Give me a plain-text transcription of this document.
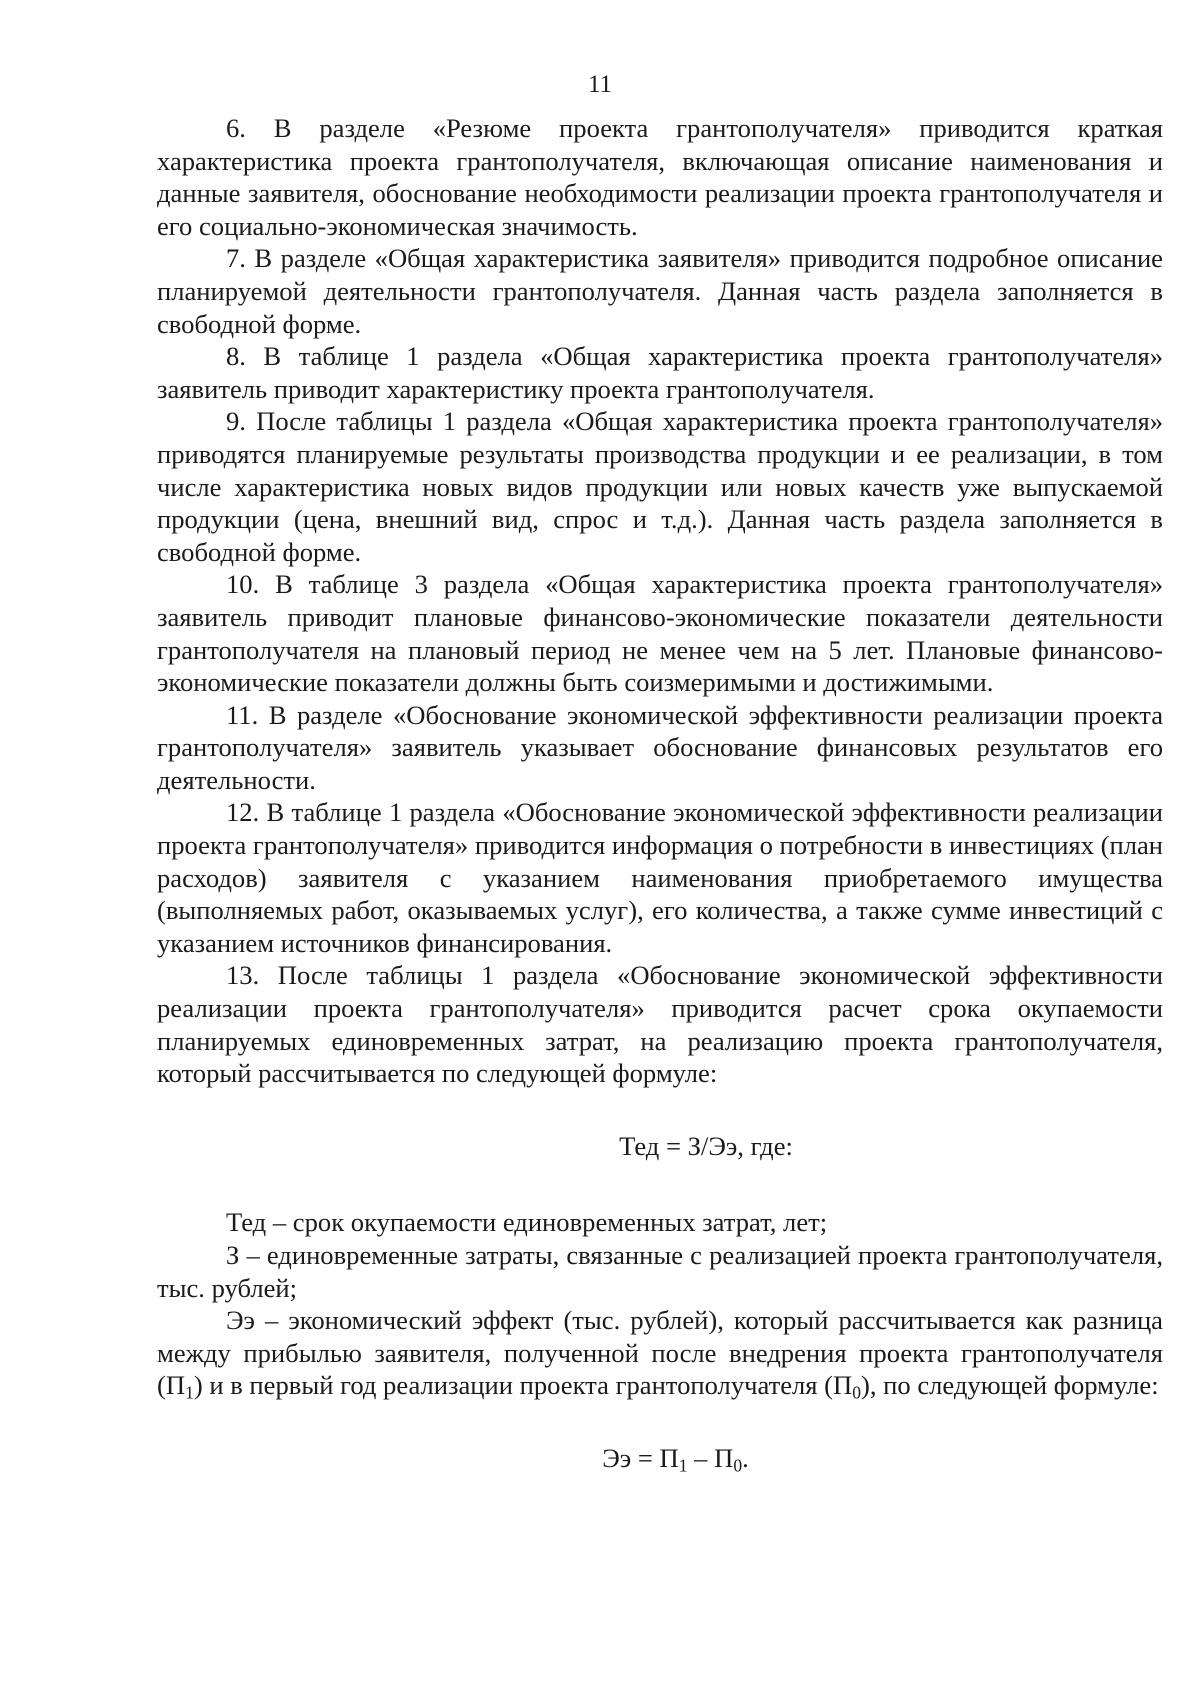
11

6. В разделе «Резюме проекта грантополучателя» приводится краткая характеристика проекта грантополучателя, включающая описание наименования и данные заявителя, обоснование необходимости реализации проекта грантополучателя и его социально-экономическая значимость.

7. В разделе «Общая характеристика заявителя» приводится подробное описание планируемой деятельности грантополучателя. Данная часть раздела заполняется в свободной форме.

8. В таблице 1 раздела «Общая характеристика проекта грантополучателя» заявитель приводит характеристику проекта грантополучателя.

9. После таблицы 1 раздела «Общая характеристика проекта грантополучателя» приводятся планируемые результаты производства продукции и ее реализации, в том числе характеристика новых видов продукции или новых качеств уже выпускаемой продукции (цена, внешний вид, спрос и т.д.). Данная часть раздела заполняется в свободной форме.

10. В таблице 3 раздела «Общая характеристика проекта грантополучателя» заявитель приводит плановые финансово-экономические показатели деятельности грантополучателя на плановый период не менее чем на 5 лет. Плановые финансово-экономические показатели должны быть соизмеримыми и достижимыми.

11. В разделе «Обоснование экономической эффективности реализации проекта грантополучателя» заявитель указывает обоснование финансовых результатов его деятельности.

12. В таблице 1 раздела «Обоснование экономической эффективности реализации проекта грантополучателя» приводится информация о потребности в инвестициях (план расходов) заявителя с указанием наименования приобретаемого имущества (выполняемых работ, оказываемых услуг), его количества, а также сумме инвестиций с указанием источников финансирования.

13. После таблицы 1 раздела «Обоснование экономической эффективности реализации проекта грантополучателя» приводится расчет срока окупаемости планируемых единовременных затрат, на реализацию проекта грантополучателя, который рассчитывается по следующей формуле:

Тед = З/Ээ, где:

Тед – срок окупаемости единовременных затрат, лет;

З – единовременные затраты, связанные с реализацией проекта грантополучателя, тыс. рублей;

Ээ – экономический эффект (тыс. рублей), который рассчитывается как разница между прибылью заявителя, полученной после внедрения проекта грантополучателя $(П_1)$ и в первый год реализации проекта грантополучателя $(П_0)$, по следующей формуле:

Ээ = $П_1 - П_0$.
